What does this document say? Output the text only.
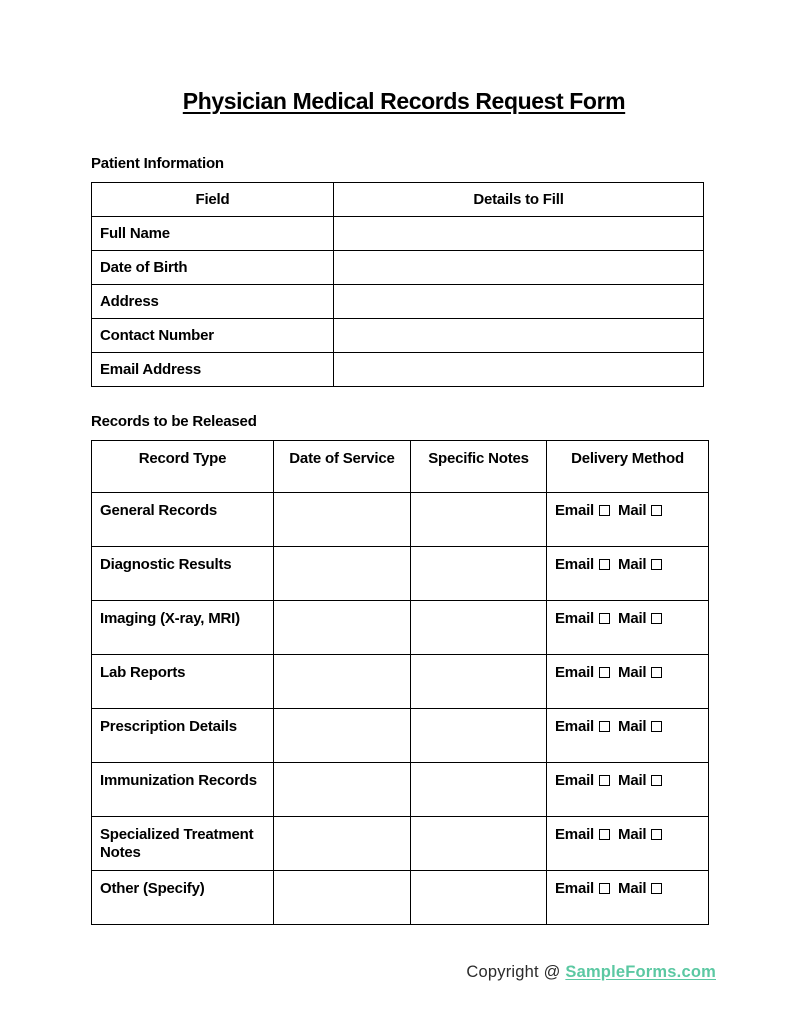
Physician Medical Records Request Form
Patient Information
Field	Details to Fill
Full Name	
Date of Birth	
Address	
Contact Number	
Email Address	
Records to be Released
Record Type	Date of Service	Specific Notes	Delivery Method
General Records			Email Mail
Diagnostic Results			Email Mail
Imaging (X-ray, MRI)			Email Mail
Lab Reports			Email Mail
Prescription Details			Email Mail
Immunization Records			Email Mail
Specialized Treatment Notes			Email Mail
Other (Specify)			Email Mail
Copyright @ SampleForms.com
